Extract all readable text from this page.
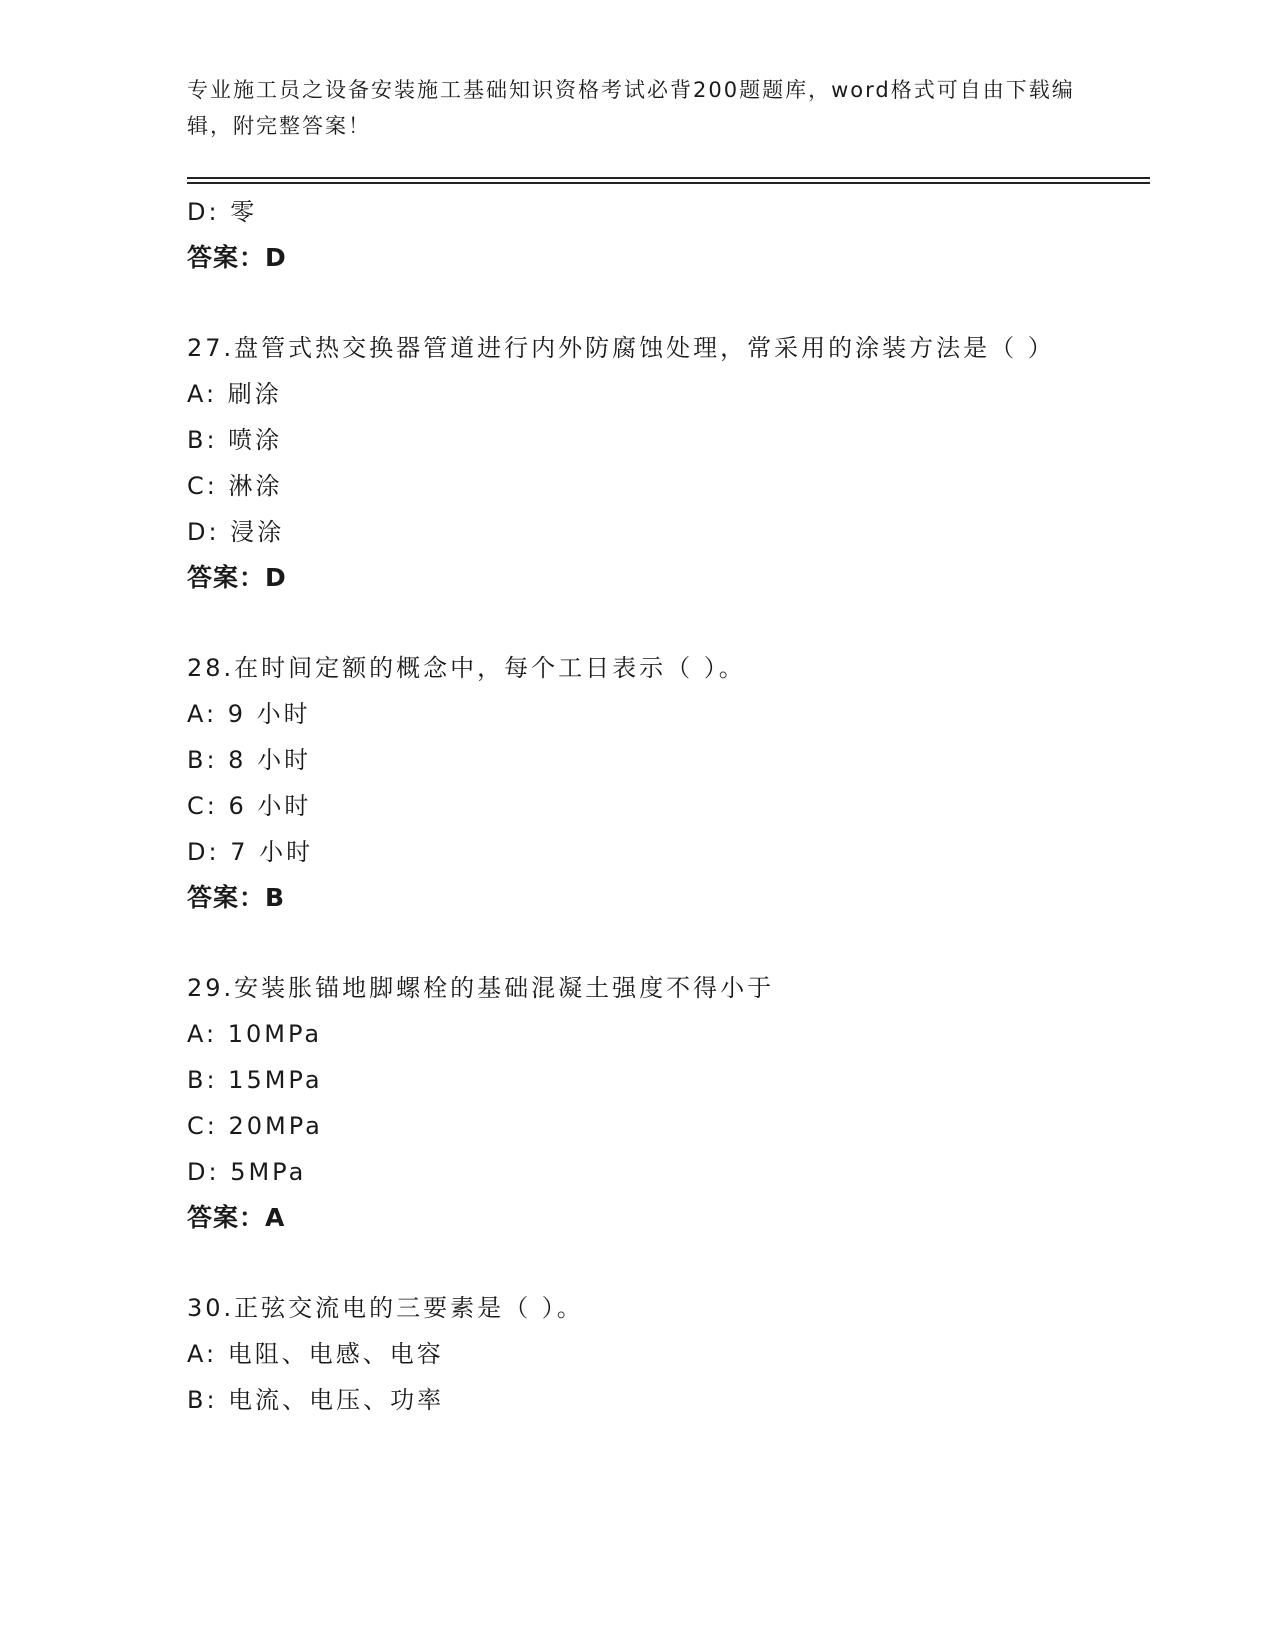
专业施工员之设备安装施工基础知识资格考试必背200题题库，word格式可自由下载编辑，附完整答案！
D: 零
答案：D
27.盘管式热交换器管道进行内外防腐蚀处理，常采用的涂装方法是（ ）
A: 刷涂
B: 喷涂
C: 淋涂
D: 浸涂
答案：D
28.在时间定额的概念中，每个工日表示（ ）。
A: 9 小时
B: 8 小时
C: 6 小时
D: 7 小时
答案：B
29.安装胀锚地脚螺栓的基础混凝土强度不得小于
A: 10MPa
B: 15MPa
C: 20MPa
D: 5MPa
答案：A
30.正弦交流电的三要素是（ ）。
A: 电阻、电感、电容
B: 电流、电压、功率
